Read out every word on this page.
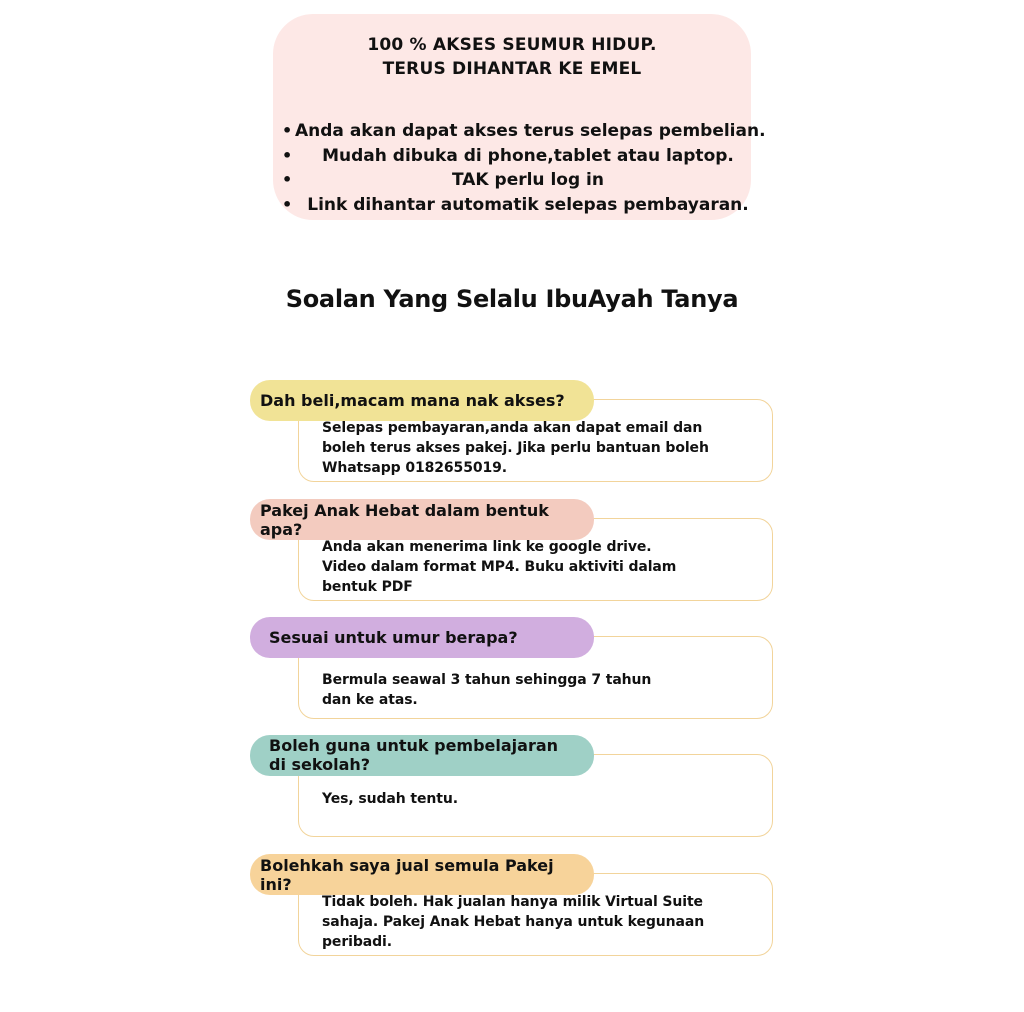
100 % AKSES SEUMUR HIDUP.
TERUS DIHANTAR KE EMEL
• Anda akan dapat akses terus selepas pembelian.
•	Mudah dibuka di phone,tablet atau laptop.
•	TAK perlu log in
• Link dihantar automatik selepas pembayaran.
Soalan Yang Selalu IbuAyah Tanya
Dah beli,macam mana nak akses?

Selepas pembayaran,anda akan dapat email dan
boleh terus akses pakej. Jika perlu bantuan boleh
Whatsapp 0182655019.

Pakej Anak Hebat dalam bentuk apa?

Anda akan menerima link ke google drive.
Video dalam format MP4. Buku aktiviti dalam
bentuk PDF

Sesuai untuk umur berapa?

Bermula seawal 3 tahun sehingga 7 tahun
dan ke atas.

Boleh guna untuk pembelajaran
di sekolah?

Yes, sudah tentu.

Bolehkah saya jual semula Pakej ini?

Tidak boleh. Hak jualan hanya milik Virtual Suite
sahaja. Pakej Anak Hebat hanya untuk kegunaan
peribadi.
